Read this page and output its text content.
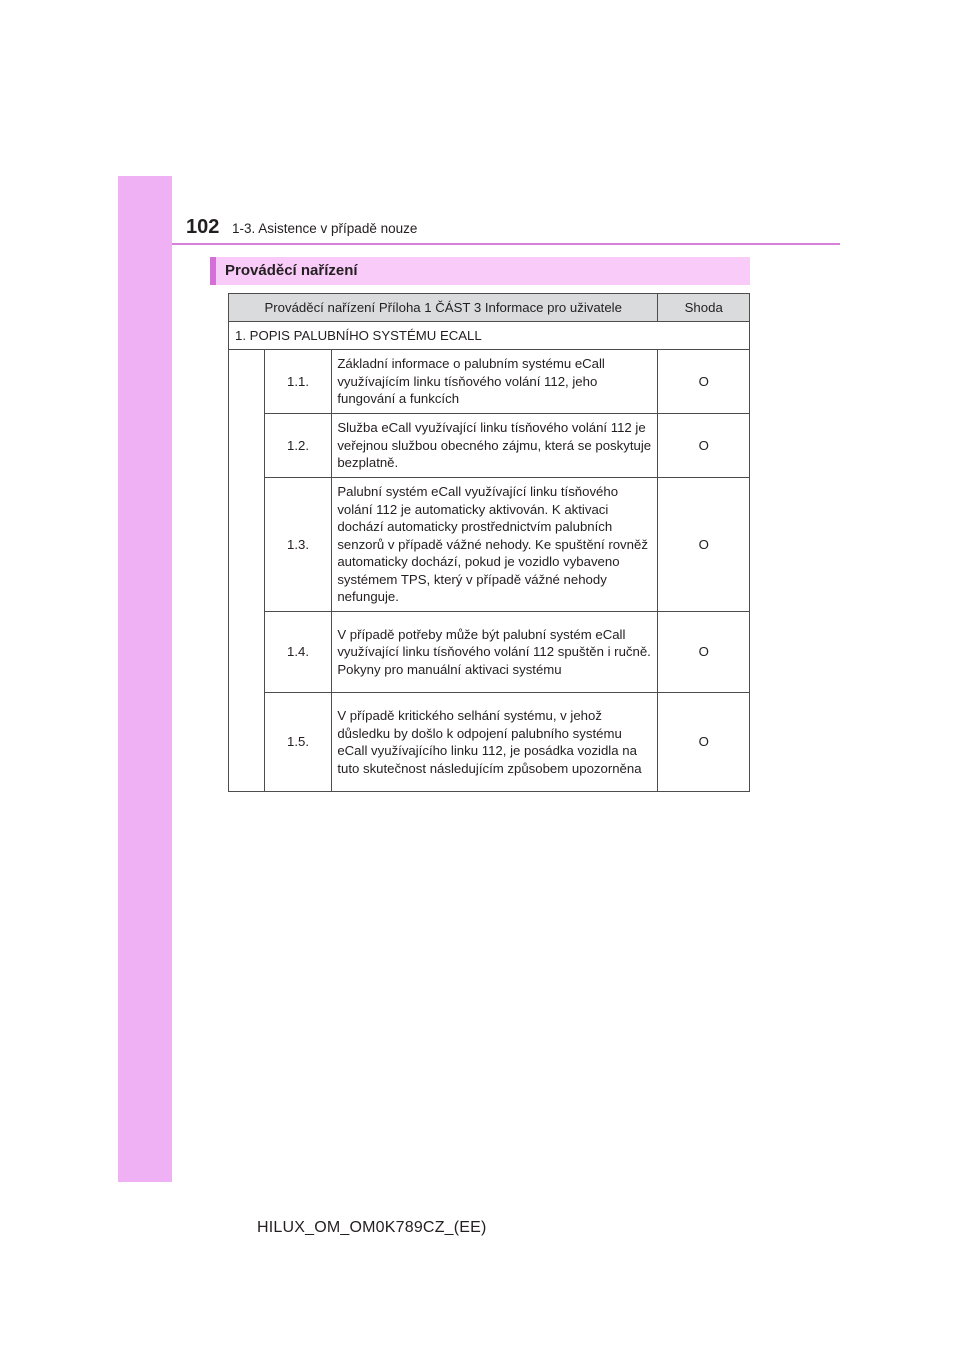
102 1-3. Asistence v případě nouze
Prováděcí nařízení
Prováděcí nařízení Příloha 1 ČÁST 3 Informace pro uživatele			Shoda
1. POPIS PALUBNÍHO SYSTÉMU ECALL			
	1.1.	Základní informace o palubním systému eCall využívajícím linku tísňového volání 112, jeho fungování a funkcích	O
	1.2.	Služba eCall využívající linku tísňového volání 112 je veřejnou službou obecného zájmu, která se poskytuje bezplatně.	O
	1.3.	Palubní systém eCall využívající linku tísňového volání 112 je automaticky aktivován. K aktivaci dochází automaticky prostřednictvím palubních senzorů v případě vážné nehody. Ke spuštění rovněž automaticky dochází, pokud je vozidlo vybaveno systémem TPS, který v případě vážné nehody nefunguje.	O
	1.4.	V případě potřeby může být palubní systém eCall využívající linku tísňového volání 112 spuštěn i ručně. Pokyny pro manuální aktivaci systému	O
	1.5.	V případě kritického selhání systému, v jehož důsledku by došlo k odpojení palubního systému eCall využívajícího linku 112, je posádka vozidla na tuto skutečnost následujícím způsobem upozorněna	O
HILUX_OM_OM0K789CZ_(EE)
